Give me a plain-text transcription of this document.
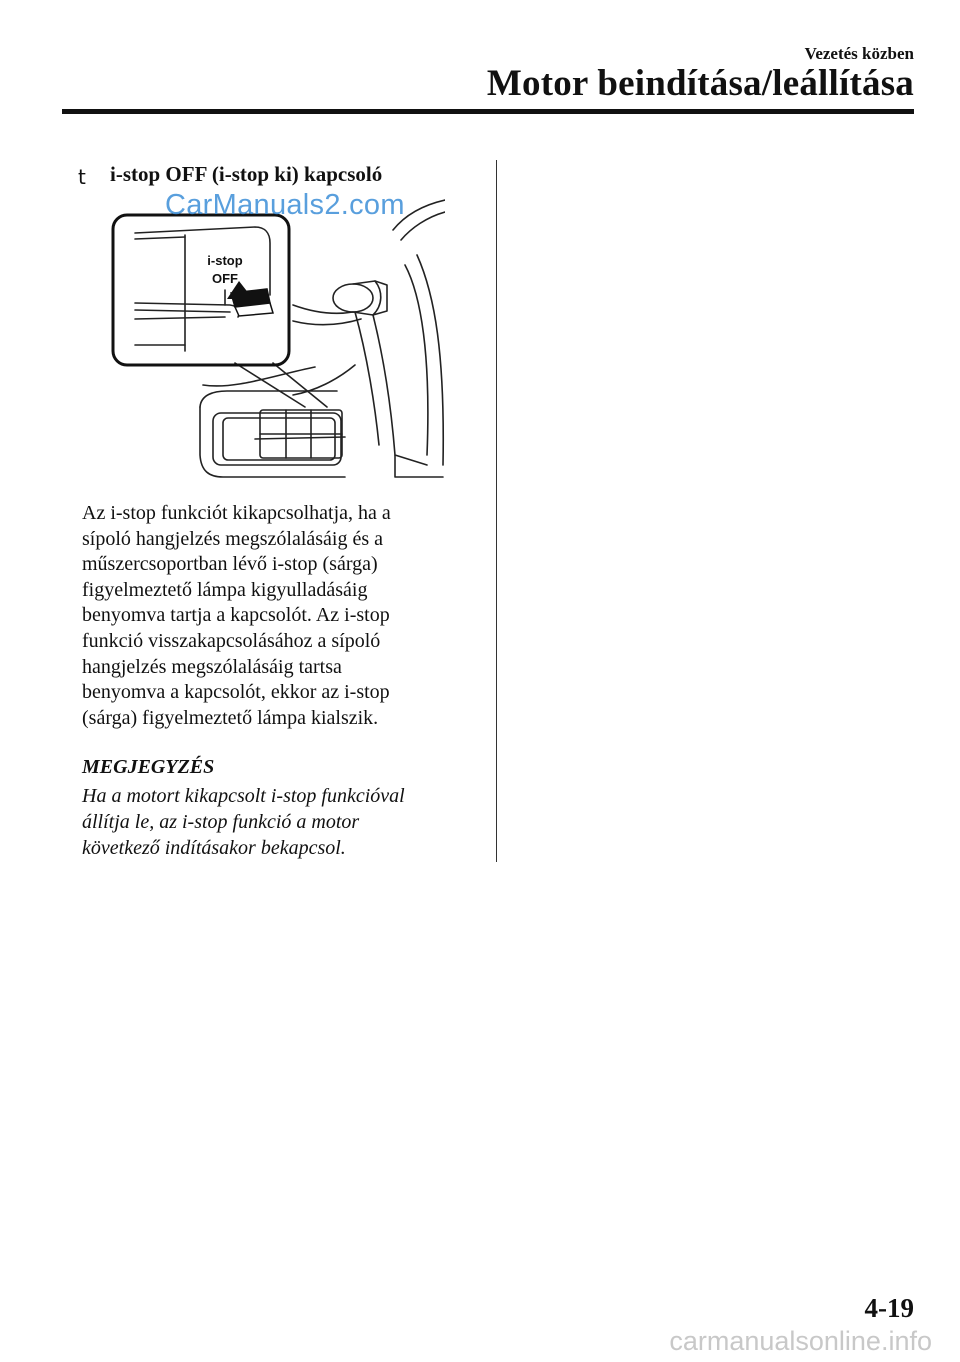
Vezetés közben
Motor beindítása/leállítása
t i-stop OFF (i-stop ki) kapcsoló
i-stop
OFF
CarManuals2.com
Az i-stop funkciót kikapcsolhatja, ha a
sípoló hangjelzés megszólalásáig és a
műszercsoportban lévő i-stop (sárga)
figyelmeztető lámpa kigyulladásáig
benyomva tartja a kapcsolót. Az i-stop
funkció visszakapcsolásához a sípoló
hangjelzés megszólalásáig tartsa
benyomva a kapcsolót, ekkor az i-stop
(sárga) figyelmeztető lámpa kialszik.
MEGJEGYZÉS
Ha a motort kikapcsolt i-stop funkcióval
állítja le, az i-stop funkció a motor
következő indításakor bekapcsol.
4-19
carmanualsonline.info
